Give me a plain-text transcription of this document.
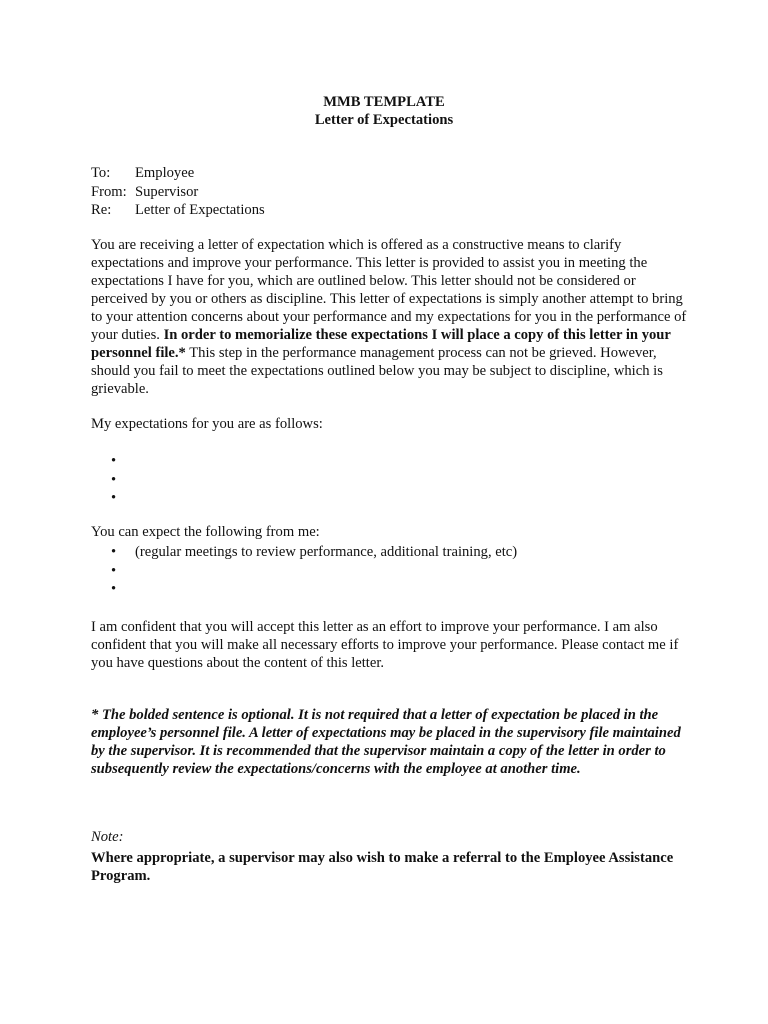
MMB TEMPLATE
Letter of Expectations
To:	Employee
From: Supervisor
Re:	Letter of Expectations

You are receiving a letter of expectation which is offered as a constructive means to clarify expectations and improve your performance. This letter is provided to assist you in meeting the expectations I have for you, which are outlined below. This letter should not be considered or perceived by you or others as discipline. This letter of expectations is simply another attempt to bring to your attention concerns about your performance and my expectations for you in the performance of your duties. In order to memorialize these expectations I will place a copy of this letter in your personnel file.* This step in the performance management process can not be grieved. However, should you fail to meet the expectations outlined below you may be subject to discipline, which is grievable.

My expectations for you are as follows:

•
•
•

You can expect the following from me:

• (regular meetings to review performance, additional training, etc)
•
•

I am confident that you will accept this letter as an effort to improve your performance. I am also confident that you will make all necessary efforts to improve your performance. Please contact me if you have questions about the content of this letter.

* The bolded sentence is optional. It is not required that a letter of expectation be placed in the employee’s personnel file. A letter of expectations may be placed in the supervisory file maintained by the supervisor. It is recommended that the supervisor maintain a copy of the letter in order to subsequently review the expectations/concerns with the employee at another time.

Note:

Where appropriate, a supervisor may also wish to make a referral to the Employee Assistance Program.
